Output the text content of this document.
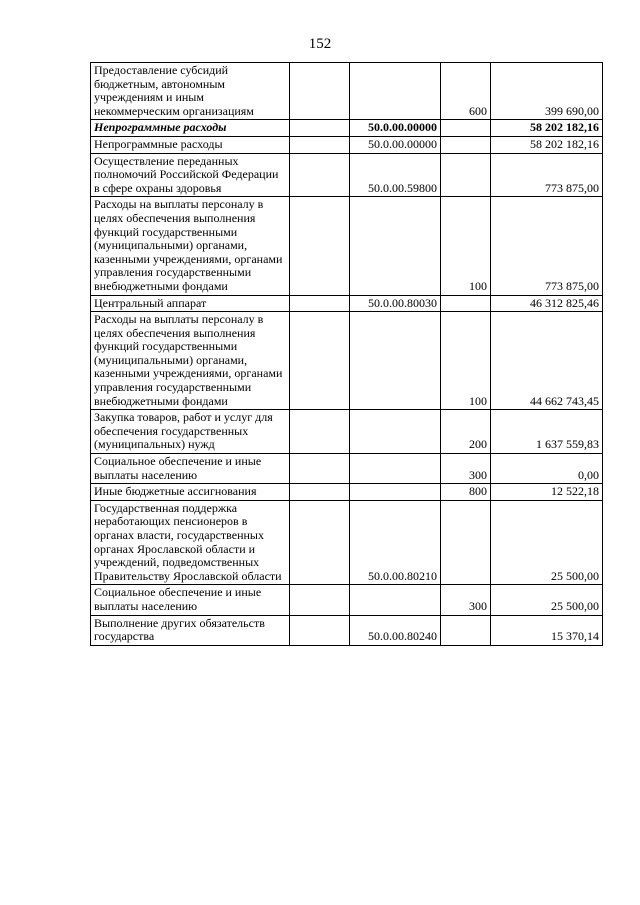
152
Предоставление субсидий бюджетным, автономным учреждениям и иным некоммерческим организациям			600	399 690,00
Непрограммные расходы		50.0.00.00000		58 202 182,16
Непрограммные расходы		50.0.00.00000		58 202 182,16
Осуществление переданных полномочий Российской Федерации в сфере охраны здоровья		50.0.00.59800		773 875,00
Расходы на выплаты персоналу в целях обеспечения выполнения функций государственными (муниципальными) органами, казенными учреждениями, органами управления государственными внебюджетными фондами			100	773 875,00
Центральный аппарат		50.0.00.80030		46 312 825,46
Расходы на выплаты персоналу в целях обеспечения выполнения функций государственными (муниципальными) органами, казенными учреждениями, органами управления государственными внебюджетными фондами			100	44 662 743,45
Закупка товаров, работ и услуг для обеспечения государственных (муниципальных) нужд			200	1 637 559,83
Социальное обеспечение и иные выплаты населению			300	0,00
Иные бюджетные ассигнования			800	12 522,18
Государственная поддержка неработающих пенсионеров в органах власти, государственных органах Ярославской области и учреждений, подведомственных Правительству Ярославской области		50.0.00.80210		25 500,00
Социальное обеспечение и иные выплаты населению			300	25 500,00
Выполнение других обязательств государства		50.0.00.80240		15 370,14
